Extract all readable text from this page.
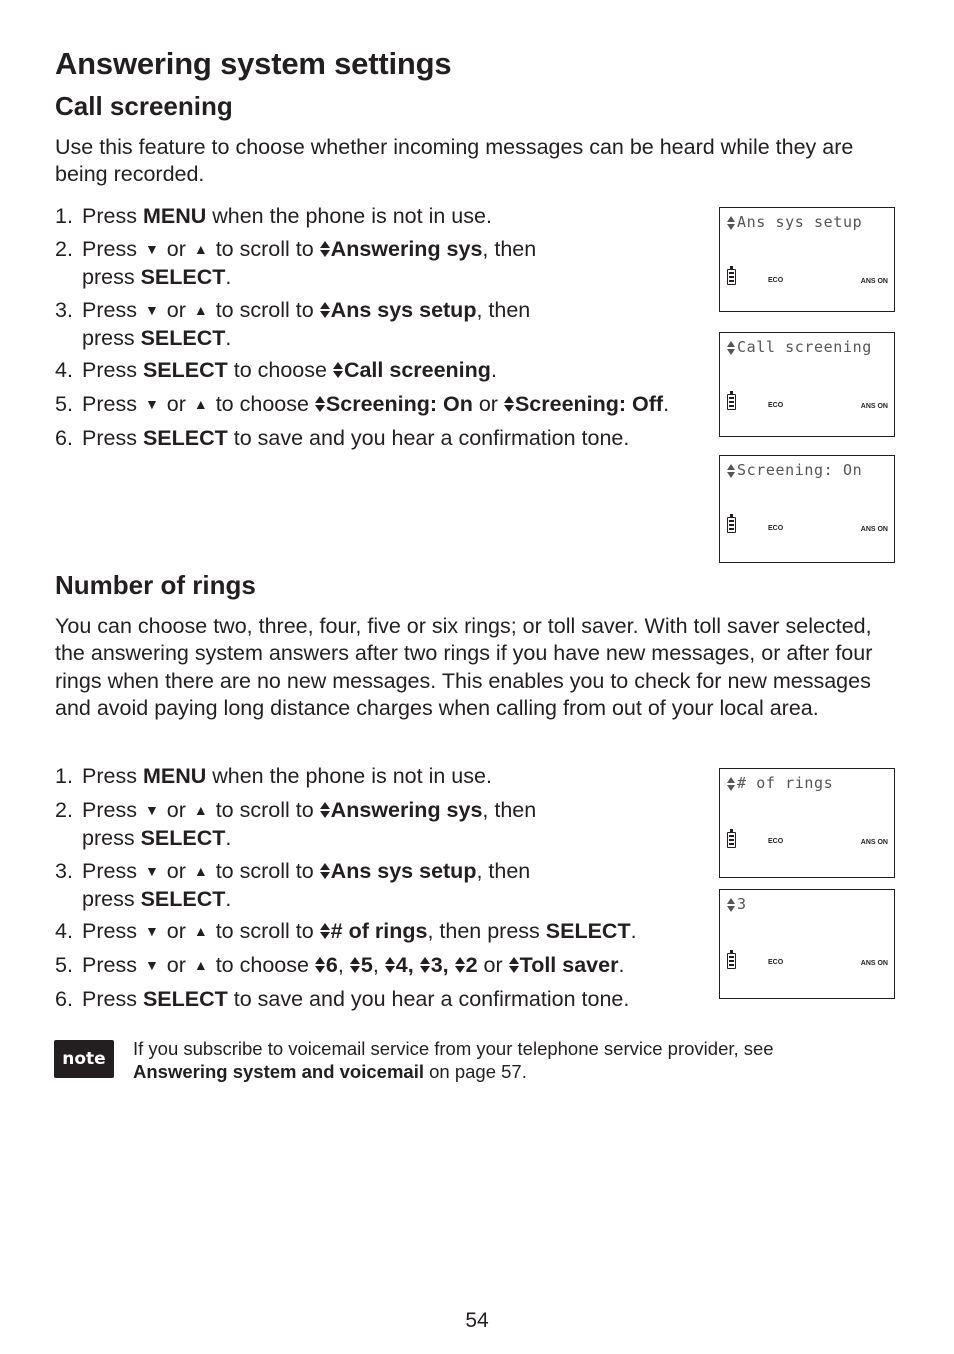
Answering system settings
Call screening

Use this feature to choose whether incoming messages can be heard while they are being recorded.

1. Press MENU when the phone is not in use.
2. Press ▼ or ▲ to scroll to Answering sys, then
press SELECT.
3. Press ▼ or ▲ to scroll to Ans sys setup, then
press SELECT.
4. Press SELECT to choose Call screening.
5. Press ▼ or ▲ to choose Screening: On or Screening: Off.
6. Press SELECT to save and you hear a confirmation tone.
Ans sys setup
ECO	ANS ON
Call screening
ECO	ANS ON
Screening: On
ECO	ANS ON
Number of rings

You can choose two, three, four, five or six rings; or toll saver. With toll saver selected, the answering system answers after two rings if you have new messages, or after four rings when there are no new messages. This enables you to check for new messages and avoid paying long distance charges when calling from out of your local area.

1. Press MENU when the phone is not in use.
2. Press ▼ or ▲ to scroll to Answering sys, then
press SELECT.
3. Press ▼ or ▲ to scroll to Ans sys setup, then
press SELECT.
4. Press ▼ or ▲ to scroll to # of rings, then press SELECT.
5. Press ▼ or ▲ to choose 6, 5, 4, 3, 2 or Toll saver.
6. Press SELECT to save and you hear a confirmation tone.
# of rings
ECO	ANS ON
3
ECO	ANS ON
note	If you subscribe to voicemail service from your telephone service provider, see
Answering system and voicemail on page 57.

54
